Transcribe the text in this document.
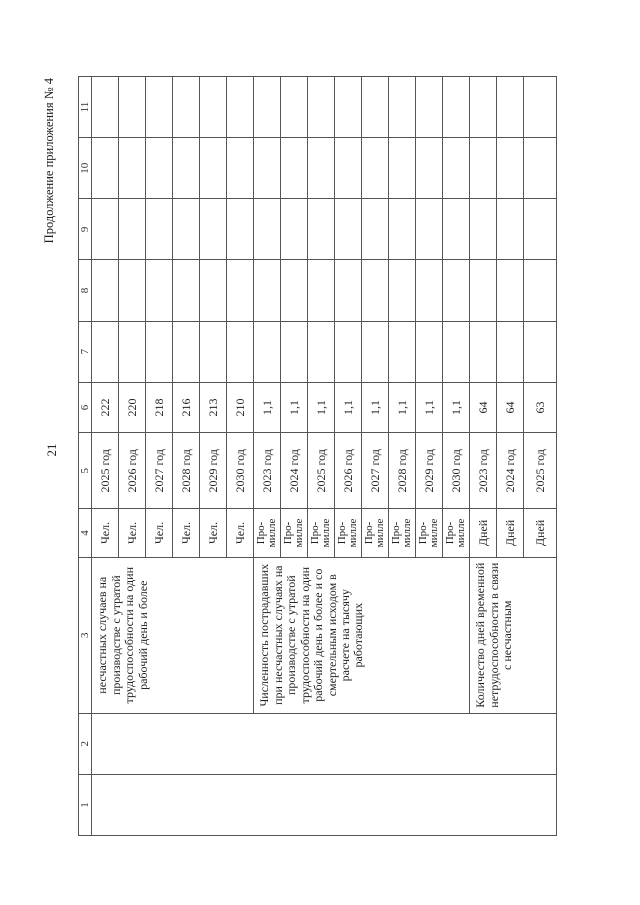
21
Продолжение приложения № 4
1	2	3	4	5	6	7	8	9	10	11
		несчастных случаев на производстве с утратой трудоспособности на один рабочий день и более	Чел.	2025 год	222					
			Чел.	2026 год	220					
			Чел.	2027 год	218					
			Чел.	2028 год	216					
			Чел.	2029 год	213					
			Чел.	2030 год	210					
		Численность пострадавших при несчастных случаях на производстве с утратой трудоспособности на один рабочий день и более и со смертельным исходом в расчете на тысячу работающих	Про-милле	2023 год	1,1					
			Про-милле	2024 год	1,1					
			Про-милле	2025 год	1,1					
			Про-милле	2026 год	1,1					
			Про-милле	2027 год	1,1					
			Про-милле	2028 год	1,1					
			Про-милле	2029 год	1,1					
			Про-милле	2030 год	1,1					
		Количество дней временной нетрудоспособности в связи с несчастным	Дней	2023 год	64					
			Дней	2024 год	64					
			Дней	2025 год	63					
